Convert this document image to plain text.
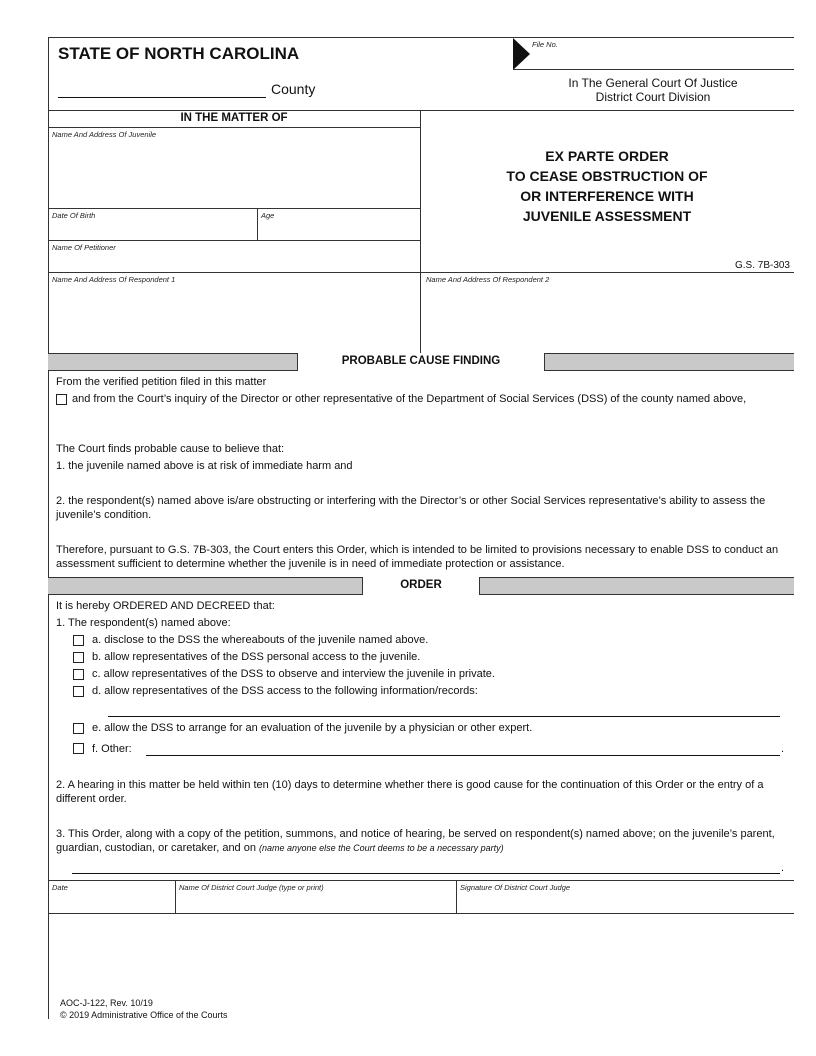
STATE OF NORTH CAROLINA
County
File No.
In The General Court Of Justice
District Court Division
IN THE MATTER OF
Name And Address Of Juvenile
Date Of Birth	Age
Name Of Petitioner
Name And Address Of Respondent 1	Name And Address Of Respondent 2
EX PARTE ORDER
TO CEASE OBSTRUCTION OF
OR INTERFERENCE WITH
JUVENILE ASSESSMENT
G.S. 7B-303
PROBABLE CAUSE FINDING
From the verified petition filed in this matter
and from the Court’s inquiry of the Director or other representative of the Department of Social Services (DSS) of the county named above,
The Court finds probable cause to believe that:
1. the juvenile named above is at risk of immediate harm and
2. the respondent(s) named above is/are obstructing or interfering with the Director’s or other Social Services representative’s ability to assess the juvenile’s condition.
Therefore, pursuant to G.S. 7B-303, the Court enters this Order, which is intended to be limited to provisions necessary to enable DSS to conduct an assessment sufficient to determine whether the juvenile is in need of immediate protection or assistance.
ORDER
It is hereby ORDERED AND DECREED that:
1. The respondent(s) named above:
a. disclose to the DSS the whereabouts of the juvenile named above.
b. allow representatives of the DSS personal access to the juvenile.
c. allow representatives of the DSS to observe and interview the juvenile in private.
d. allow representatives of the DSS access to the following information/records:
e. allow the DSS to arrange for an evaluation of the juvenile by a physician or other expert.
f. Other:	.
2. A hearing in this matter be held within ten (10) days to determine whether there is good cause for the continuation of this Order or the entry of a different order.
3. This Order, along with a copy of the petition, summons, and notice of hearing, be served on respondent(s) named above; on the juvenile’s parent, guardian, custodian, or caretaker, and on (name anyone else the Court deems to be a necessary party)
.
Date	Name Of District Court Judge (type or print)	Signature Of District Court Judge
AOC-J-122, Rev. 10/19
© 2019 Administrative Office of the Courts
